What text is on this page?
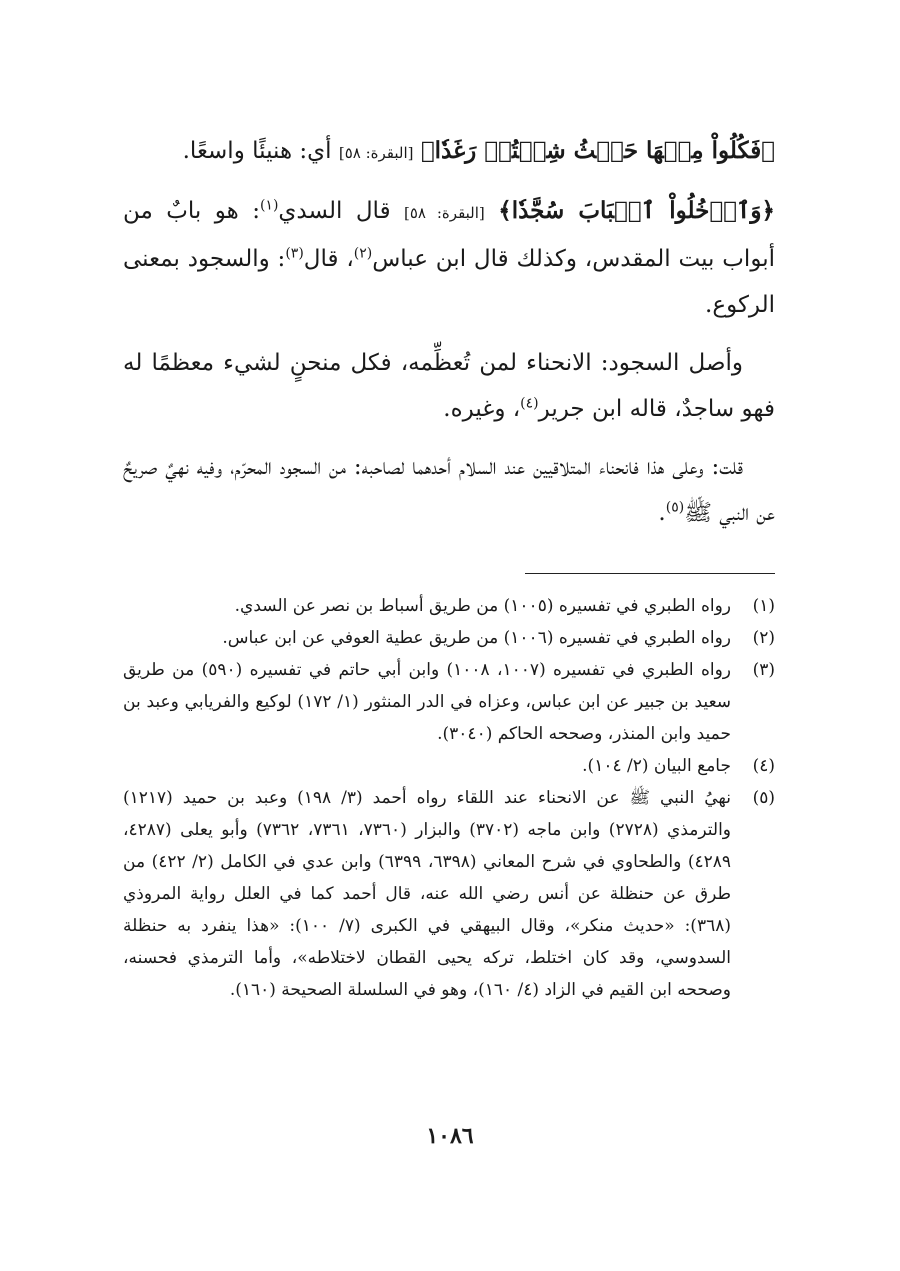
﴿فَكُلُواْ مِنۡهَا حَيۡثُ شِئۡتُمۡ رَغَدٗا﴾ [البقرة: ٥٨] أي: هنيئًا واسعًا.

﴿وَٱدۡخُلُواْ ٱلۡبَابَ سُجَّدٗا﴾ [البقرة: ٥٨] قال السدي$^{(١)}$: هو بابٌ من أبواب بيت المقدس، وكذلك قال ابن عباس$^{(٢)}$، قال$^{(٣)}$: والسجود بمعنى الركوع.

وأصل السجود: الانحناء لمن تُعظِّمه، فكل منحنٍ لشيء معظمًا له فهو ساجدٌ، قاله ابن جرير$^{(٤)}$، وغيره.

قلت: وعلى هذا فانحناء المتلاقيين عند السلام أحدهما لصاحبه: من السجود المحرّم، وفيه نهيٌ صريحٌ عن النبي ﷺ$^{(٥)}$.

(١)
رواه الطبري في تفسيره (١٠٠٥) من طريق أسباط بن نصر عن السدي.
(٢)
رواه الطبري في تفسيره (١٠٠٦) من طريق عطية العوفي عن ابن عباس.
(٣)
رواه الطبري في تفسيره (١٠٠٧، ١٠٠٨) وابن أبي حاتم في تفسيره (٥٩٠) من طريق سعيد بن جبير عن ابن عباس، وعزاه في الدر المنثور (١/ ١٧٢) لوكيع والفريابي وعبد بن حميد وابن المنذر، وصححه الحاكم (٣٠٤٠).
(٤)
جامع البيان (٢/ ١٠٤).
(٥)
نهيُ النبي ﷺ عن الانحناء عند اللقاء رواه أحمد (٣/ ١٩٨) وعبد بن حميد (١٢١٧) والترمذي (٢٧٢٨) وابن ماجه (٣٧٠٢) والبزار (٧٣٦٠، ٧٣٦١، ٧٣٦٢) وأبو يعلى (٤٢٨٧، ٤٢٨٩) والطحاوي في شرح المعاني (٦٣٩٨، ٦٣٩٩) وابن عدي في الكامل (٢/ ٤٢٢) من طرق عن حنظلة عن أنس رضي الله عنه، قال أحمد كما في العلل رواية المروذي (٣٦٨): «حديث منكر»، وقال البيهقي في الكبرى (٧/ ١٠٠): «هذا ينفرد به حنظلة السدوسي، وقد كان اختلط، تركه يحيى القطان لاختلاطه»، وأما الترمذي فحسنه، وصححه ابن القيم في الزاد (٤/ ١٦٠)، وهو في السلسلة الصحيحة (١٦٠).
١٠٨٦
